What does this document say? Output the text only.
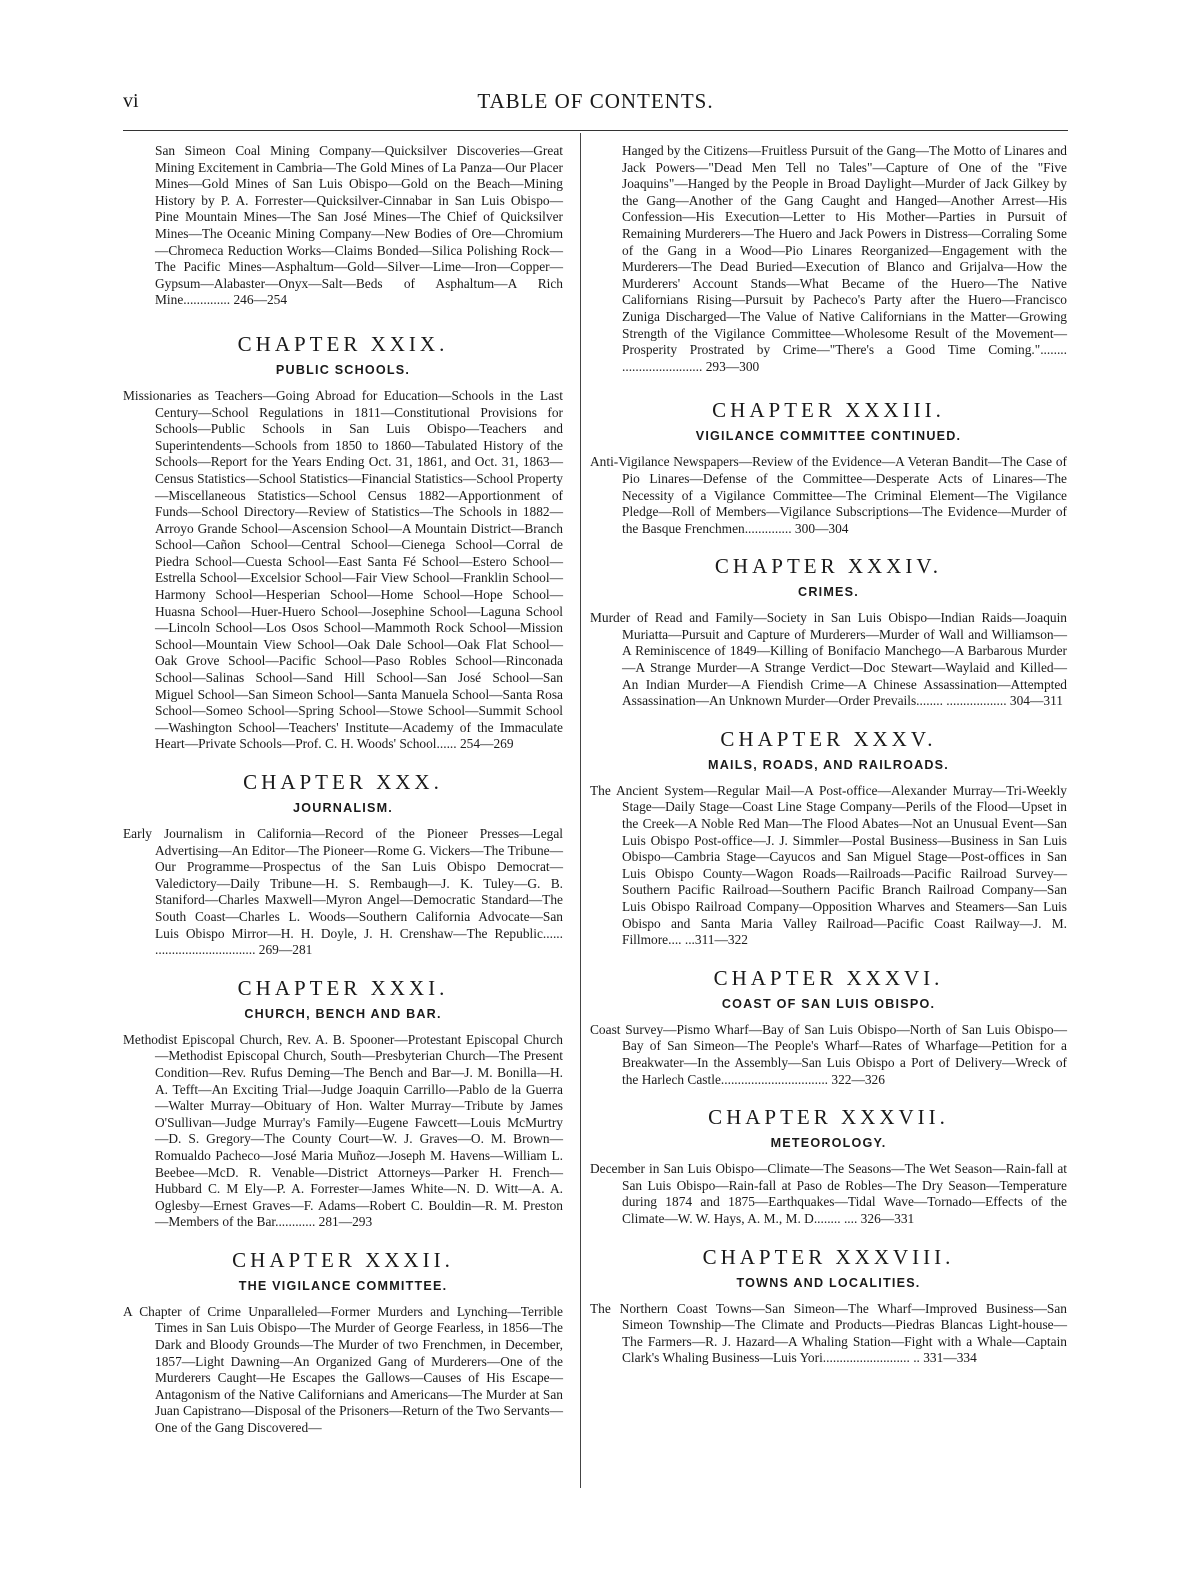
vi	TABLE OF CONTENTS.

San Simeon Coal Mining Company—Quicksilver Discoveries—Great Mining Excitement in Cambria—The Gold Mines of La Panza—Our Placer Mines—Gold Mines of San Luis Obispo—Gold on the Beach—Mining History by P. A. Forrester—Quicksilver-Cinnabar in San Luis Obispo—Pine Mountain Mines—The San José Mines—The Chief of Quicksilver Mines—The Oceanic Mining Company—New Bodies of Ore—Chromium—Chromeca Reduction Works—Claims Bonded—Silica Polishing Rock—The Pacific Mines—Asphaltum—Gold—Silver—Lime—Iron—Copper—Gypsum—Alabaster—Onyx—Salt—Beds of Asphaltum—A Rich Mine.............. 246—254

CHAPTER XXIX.
PUBLIC SCHOOLS.

Missionaries as Teachers—Going Abroad for Education—Schools in the Last Century—School Regulations in 1811—Constitutional Provisions for Schools—Public Schools in San Luis Obispo—Teachers and Superintendents—Schools from 1850 to 1860—Tabulated History of the Schools—Report for the Years Ending Oct. 31, 1861, and Oct. 31, 1863—Census Statistics—School Statistics—Financial Statistics—School Property—Miscellaneous Statistics—School Census 1882—Apportionment of Funds—School Directory—Review of Statistics—The Schools in 1882—Arroyo Grande School—Ascension School—A Mountain District—Branch School—Cañon School—Central School—Cienega School—Corral de Piedra School—Cuesta School—East Santa Fé School—Estero School—Estrella School—Excelsior School—Fair View School—Franklin School—Harmony School—Hesperian School—Home School—Hope School—Huasna School—Huer-Huero School—Josephine School—Laguna School—Lincoln School—Los Osos School—Mammoth Rock School—Mission School—Mountain View School—Oak Dale School—Oak Flat School—Oak Grove School—Pacific School—Paso Robles School—Rinconada School—Salinas School—Sand Hill School—San José School—San Miguel School—San Simeon School—Santa Manuela School—Santa Rosa School—Someo School—Spring School—Stowe School—Summit School—Washington School—Teachers' Institute—Academy of the Immaculate Heart—Private Schools—Prof. C. H. Woods' School...... 254—269

CHAPTER XXX.
JOURNALISM.

Early Journalism in California—Record of the Pioneer Presses—Legal Advertising—An Editor—The Pioneer—Rome G. Vickers—The Tribune—Our Programme—Prospectus of the San Luis Obispo Democrat—Valedictory—Daily Tribune—H. S. Rembaugh—J. K. Tuley—G. B. Staniford—Charles Maxwell—Myron Angel—Democratic Standard—The South Coast—Charles L. Woods—Southern California Advocate—San Luis Obispo Mirror—H. H. Doyle, J. H. Crenshaw—The Republic...... .............................. 269—281

CHAPTER XXXI.
CHURCH, BENCH AND BAR.

Methodist Episcopal Church, Rev. A. B. Spooner—Protestant Episcopal Church—Methodist Episcopal Church, South—Presbyterian Church—The Present Condition—Rev. Rufus Deming—The Bench and Bar—J. M. Bonilla—H. A. Tefft—An Exciting Trial—Judge Joaquin Carrillo—Pablo de la Guerra—Walter Murray—Obituary of Hon. Walter Murray—Tribute by James O'Sullivan—Judge Murray's Family—Eugene Fawcett—Louis McMurtry—D. S. Gregory—The County Court—W. J. Graves—O. M. Brown—Romualdo Pacheco—José Maria Muñoz—Joseph M. Havens—William L. Beebee—McD. R. Venable—District Attorneys—Parker H. French—Hubbard C. M Ely—P. A. Forrester—James White—N. D. Witt—A. A. Oglesby—Ernest Graves—F. Adams—Robert C. Bouldin—R. M. Preston—Members of the Bar............ 281—293

CHAPTER XXXII.
THE VIGILANCE COMMITTEE.

A Chapter of Crime Unparalleled—Former Murders and Lynching—Terrible Times in San Luis Obispo—The Murder of George Fearless, in 1856—The Dark and Bloody Grounds—The Murder of two Frenchmen, in December, 1857—Light Dawning—An Organized Gang of Murderers—One of the Murderers Caught—He Escapes the Gallows—Causes of His Escape—Antagonism of the Native Californians and Americans—The Murder at San Juan Capistrano—Disposal of the Prisoners—Return of the Two Servants—One of the Gang Discovered—

Hanged by the Citizens—Fruitless Pursuit of the Gang—The Motto of Linares and Jack Powers—"Dead Men Tell no Tales"—Capture of One of the "Five Joaquins"—Hanged by the People in Broad Daylight—Murder of Jack Gilkey by the Gang—Another of the Gang Caught and Hanged—Another Arrest—His Confession—His Execution—Letter to His Mother—Parties in Pursuit of Remaining Murderers—The Huero and Jack Powers in Distress—Corraling Some of the Gang in a Wood—Pio Linares Reorganized—Engagement with the Murderers—The Dead Buried—Execution of Blanco and Grijalva—How the Murderers' Account Stands—What Became of the Huero—The Native Californians Rising—Pursuit by Pacheco's Party after the Huero—Francisco Zuniga Discharged—The Value of Native Californians in the Matter—Growing Strength of the Vigilance Committee—Wholesome Result of the Movement—Prosperity Prostrated by Crime—"There's a Good Time Coming."........ ........................ 293—300

CHAPTER XXXIII.
VIGILANCE COMMITTEE CONTINUED.

Anti-Vigilance Newspapers—Review of the Evidence—A Veteran Bandit—The Case of Pio Linares—Defense of the Committee—Desperate Acts of Linares—The Necessity of a Vigilance Committee—The Criminal Element—The Vigilance Pledge—Roll of Members—Vigilance Subscriptions—The Evidence—Murder of the Basque Frenchmen.............. 300—304

CHAPTER XXXIV.
CRIMES.

Murder of Read and Family—Society in San Luis Obispo—Indian Raids—Joaquin Muriatta—Pursuit and Capture of Murderers—Murder of Wall and Williamson—A Reminiscence of 1849—Killing of Bonifacio Manchego—A Barbarous Murder—A Strange Murder—A Strange Verdict—Doc Stewart—Waylaid and Killed—An Indian Murder—A Fiendish Crime—A Chinese Assassination—Attempted Assassination—An Unknown Murder—Order Prevails........ .................. 304—311

CHAPTER XXXV.
MAILS, ROADS, AND RAILROADS.

The Ancient System—Regular Mail—A Post-office—Alexander Murray—Tri-Weekly Stage—Daily Stage—Coast Line Stage Company—Perils of the Flood—Upset in the Creek—A Noble Red Man—The Flood Abates—Not an Unusual Event—San Luis Obispo Post-office—J. J. Simmler—Postal Business—Business in San Luis Obispo—Cambria Stage—Cayucos and San Miguel Stage—Post-offices in San Luis Obispo County—Wagon Roads—Railroads—Pacific Railroad Survey—Southern Pacific Railroad—Southern Pacific Branch Railroad Company—San Luis Obispo Railroad Company—Opposition Wharves and Steamers—San Luis Obispo and Santa Maria Valley Railroad—Pacific Coast Railway—J. M. Fillmore.... ...311—322

CHAPTER XXXVI.
COAST OF SAN LUIS OBISPO.

Coast Survey—Pismo Wharf—Bay of San Luis Obispo—North of San Luis Obispo—Bay of San Simeon—The People's Wharf—Rates of Wharfage—Petition for a Breakwater—In the Assembly—San Luis Obispo a Port of Delivery—Wreck of the Harlech Castle................................ 322—326

CHAPTER XXXVII.
METEOROLOGY.

December in San Luis Obispo—Climate—The Seasons—The Wet Season—Rain-fall at San Luis Obispo—Rain-fall at Paso de Robles—The Dry Season—Temperature during 1874 and 1875—Earthquakes—Tidal Wave—Tornado—Effects of the Climate—W. W. Hays, A. M., M. D........ .... 326—331

CHAPTER XXXVIII.
TOWNS AND LOCALITIES.

The Northern Coast Towns—San Simeon—The Wharf—Improved Business—San Simeon Township—The Climate and Products—Piedras Blancas Light-house—The Farmers—R. J. Hazard—A Whaling Station—Fight with a Whale—Captain Clark's Whaling Business—Luis Yori.......................... .. 331—334
